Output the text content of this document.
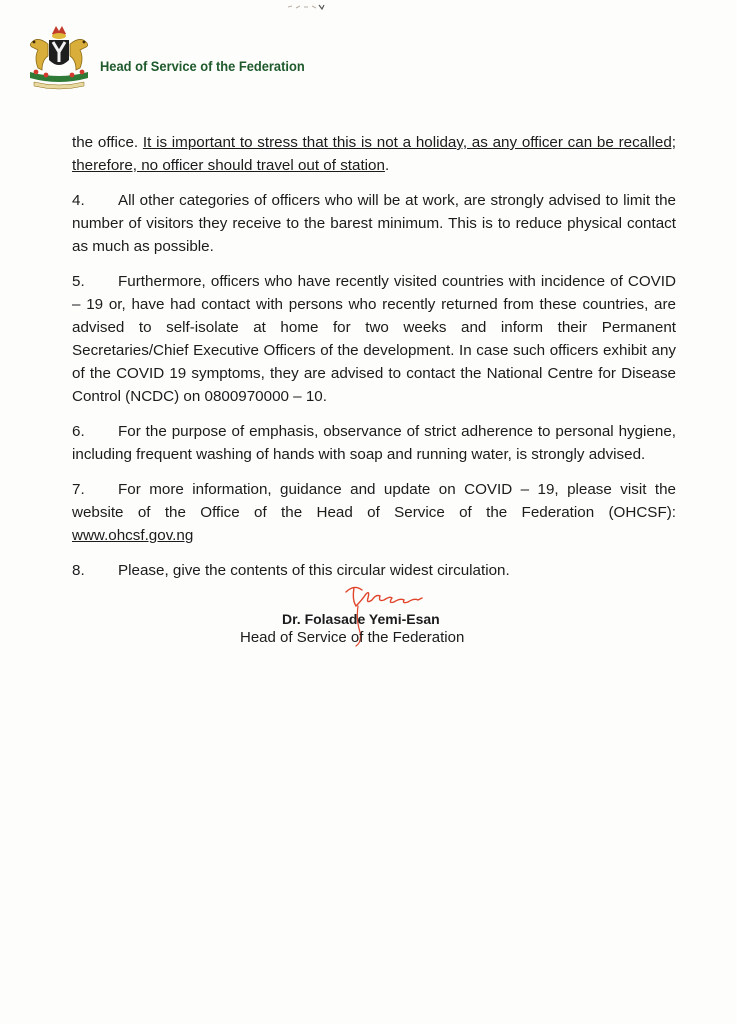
Head of Service of the Federation

the office. It is important to stress that this is not a holiday, as any officer can be recalled; therefore, no officer should travel out of station.

4. All other categories of officers who will be at work, are strongly advised to limit the number of visitors they receive to the barest minimum. This is to reduce physical contact as much as possible.

5. Furthermore, officers who have recently visited countries with incidence of COVID – 19 or, have had contact with persons who recently returned from these countries, are advised to self-isolate at home for two weeks and inform their Permanent Secretaries/Chief Executive Officers of the development. In case such officers exhibit any of the COVID 19 symptoms, they are advised to contact the National Centre for Disease Control (NCDC) on 0800970000 – 10.

6. For the purpose of emphasis, observance of strict adherence to personal hygiene, including frequent washing of hands with soap and running water, is strongly advised.

7. For more information, guidance and update on COVID – 19, please visit the website of the Office of the Head of Service of the Federation (OHCSF): www.ohcsf.gov.ng

8. Please, give the contents of this circular widest circulation.

Dr. Folasade Yemi-Esan
Head of Service of the Federation
